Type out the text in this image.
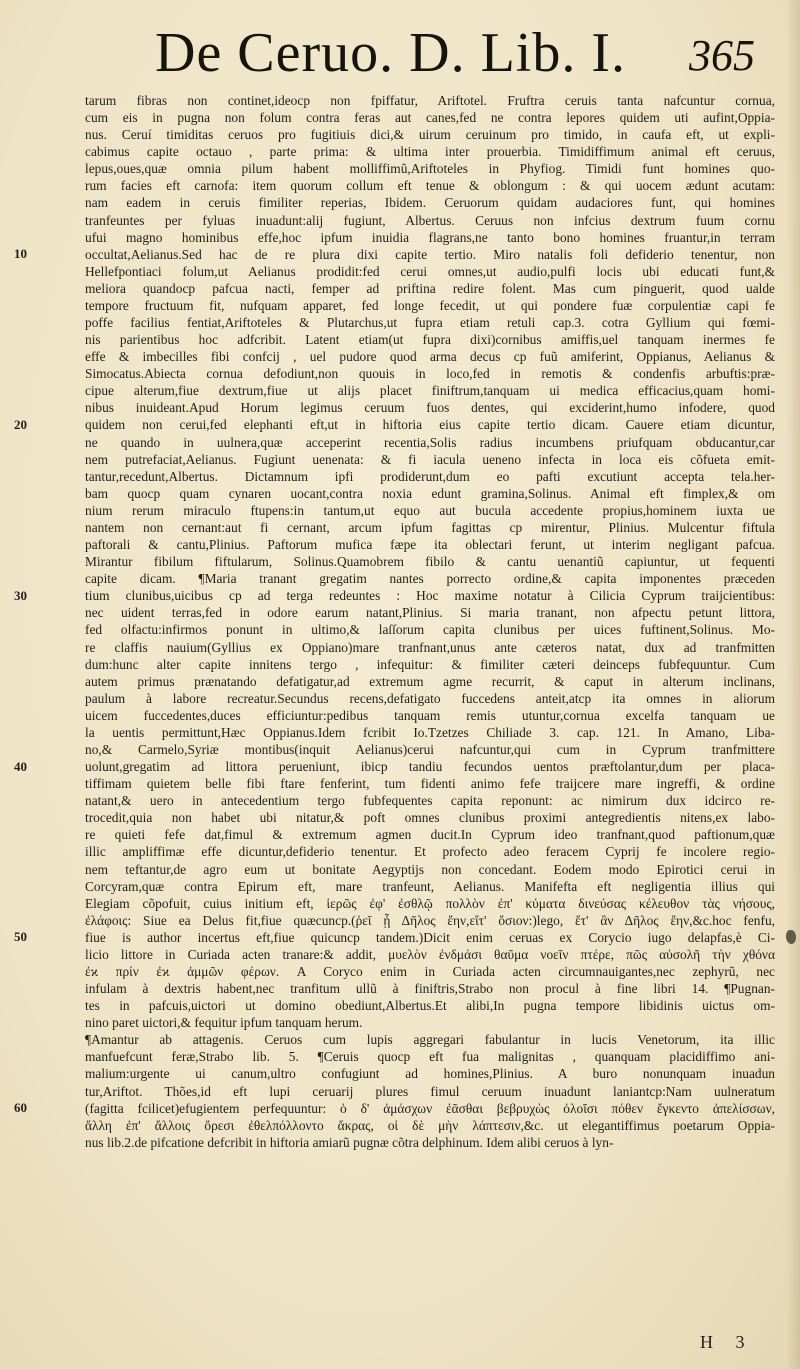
De Ceruo. D. Lib. I. 365
10
20
30
40
50
60
tarum fibras non continet,ideocp non fpiffatur, Ariftotel. Fruftra ceruis tanta nafcuntur cornua,
cum eis in pugna non folum contra feras aut canes,fed ne contra lepores quidem uti aufint,Oppia-
nus. Ceruí timiditas ceruos pro fugitiuis dici,& uirum ceruinum pro timido, in caufa eft, ut expli-
cabimus capite octauo , parte prima: & ultima inter prouerbia. Timidiffimum animal eft ceruus,
lepus,oues,quæ omnia pilum habent molliffimũ,Ariftoteles in Phyfiog. Timidi funt homines quo-
rum facies eft carnofa: item quorum collum eft tenue & oblongum : & qui uocem ædunt acutam:
nam eadem in ceruis fimiliter reperias, Ibidem. Ceruorum quidam audaciores funt, qui homines
tranfeuntes per fyluas inuadunt:alij fugiunt, Albertus. Ceruus non infcius dextrum fuum cornu
ufui magno hominibus effe,hoc ipfum inuidia flagrans,ne tanto bono homines fruantur,in terram
occultat,Aelianus.Sed hac de re plura dixi capite tertio. Miro natalis foli defiderio tenentur, non
Hellefpontiaci folum,ut Aelianus prodidit:fed cerui omnes,ut audio,pulfi locis ubi educati funt,&
meliora quandocp pafcua nacti, femper ad priftina redire folent. Mas cum pinguerit, quod ualde
tempore fructuum fit, nufquam apparet, fed longe fecedit, ut qui pondere fuæ corpulentiæ capi fe
poffe facilius fentiat,Ariftoteles & Plutarchus,ut fupra etiam retuli cap.3. cotra Gyllium qui fœmi-
nis parientibus hoc adfcribit. Latent etiam(ut fupra dixi)cornibus amiffis,uel tanquam inermes fe
effe & imbecilles fibi confcij , uel pudore quod arma decus cp fuũ amiferint, Oppianus, Aelianus &
Simocatus.Abiecta cornua defodiunt,non quouis in loco,fed in remotis & condenfis arbuftis:præ-
cipue alterum,fiue dextrum,fiue ut alijs placet finiftrum,tanquam ui medica efficacius,quam homi-
nibus inuideant.Apud Horum legimus ceruum fuos dentes, qui exciderint,humo infodere, quod
quidem non cerui,fed elephanti eft,ut in hiftoria eius capite tertio dicam. Cauere etiam dicuntur,
ne quando in uulnera,quæ acceperint recentia,Solis radius incumbens priufquam obducantur,car
nem putrefaciat,Aelianus. Fugiunt uenenata: & fi iacula ueneno infecta in loca eis cõfueta emit-
tantur,recedunt,Albertus. Dictamnum ipfi prodiderunt,dum eo pafti excutiunt accepta tela.her-
bam quocp quam cynaren uocant,contra noxia edunt gramina,Solinus. Animal eft fimplex,& om
nium rerum miraculo ftupens:in tantum,ut equo aut bucula accedente propius,hominem iuxta ue
nantem non cernant:aut fi cernant, arcum ipfum fagittas cp mirentur, Plinius. Mulcentur fiftula
paftorali & cantu,Plinius. Paftorum mufica fæpe ita oblectari ferunt, ut interim negligant pafcua.
Mirantur fibilum fiftularum, Solinus.Quamobrem fibilo & cantu uenantiũ capiuntur, ut fequenti
capite dicam. ¶Maria tranant gregatim nantes porrecto ordine,& capita imponentes præceden
tium clunibus,uicibus cp ad terga redeuntes : Hoc maxime notatur à Cilicia Cyprum traijcientibus:
nec uident terras,fed in odore earum natant,Plinius. Si maria tranant, non afpectu petunt littora,
fed olfactu:infirmos ponunt in ultimo,& laſſorum capita clunibus per uices fuftinent,Solinus. Mo-
re claffis nauium(Gyllius ex Oppiano)mare tranfnant,unus ante cæteros natat, dux ad tranfmitten
dum:hunc alter capite innitens tergo , infequitur: & fimiliter cæteri deinceps fubfequuntur. Cum
autem primus prænatando defatigatur,ad extremum agme recurrit, & caput in alterum inclinans,
paulum à labore recreatur.Secundus recens,defatigato fuccedens anteit,atcp ita omnes in aliorum
uicem fuccedentes,duces efficiuntur:pedibus tanquam remis utuntur,cornua excelfa tanquam ue
la uentis permittunt,Hæc Oppianus.Idem fcribit Io.Tzetzes Chiliade 3. cap. 121. In Amano, Liba-
no,& Carmelo,Syriæ montibus(inquit Aelianus)cerui nafcuntur,qui cum in Cyprum tranfmittere
uolunt,gregatim ad littora perueniunt, ibicp tandiu fecundos uentos præftolantur,dum per placa-
tiffimam quietem belle fibi ftare fenferint, tum fidenti animo fefe traijcere mare ingreffi, & ordine
natant,& uero in antecedentium tergo fubfequentes capita reponunt: ac nimirum dux idcirco re-
trocedit,quia non habet ubi nitatur,& poft omnes clunibus proximi antegredientis nitens,ex labo-
re quieti fefe dat,fimul & extremum agmen ducit.In Cyprum ideo tranfnant,quod paftionum,quæ
illic ampliffimæ effe dicuntur,defiderio tenentur. Et profecto adeo feracem Cyprij fe incolere regio-
nem teftantur,de agro eum ut bonitate Aegyptijs non concedant. Eodem modo Epirotici cerui in
Corcyram,quæ contra Epirum eft, mare tranfeunt, Aelianus. Manifefta eft negligentia illius qui
Elegiam cõpofuit, cuius initium eft, ἱερῶς ἐφ' ἐσθλῷ πολλὸν ἐπ' κύματα δινεύσας κέλευθον τὰς νήσους,
ἐλάφοις: Siue ea Delus fit,fiue quæcuncp.(ῥεῖ ᾗ Δῆλος ἔην,εἴτ' ὅσιον:)lego, ἔτ' ἂν Δῆλος ἔην,&c.hoc fenfu,
fiue is author incertus eft,fiue quicuncp tandem.)Dicit enim ceruas ex Corycio iugo delapfas,è Ci-
licio littore in Curiada acten tranare:& addit, μυελὸν ἐνδμάσι θαῦμα νοεῖν πτέρε, πῶς αὐσολῆ τὴν χθόνα
ἐϰ πρίν ἐϰ ἀμμῶν φέρων. A Coryco enim in Curiada acten circumnauigantes,nec zephyrũ, nec
infulam à dextris habent,nec tranfitum ullũ à finiftris,Strabo non procul à fine libri 14. ¶Pugnan-
tes in pafcuis,uictori ut domino obediunt,Albertus.Et alibi,In pugna tempore libidinis uictus om-
nino paret uictori,& fequitur ipfum tanquam herum.
¶Amantur ab attagenis. Ceruos cum lupis aggregari fabulantur in lucis Venetorum, ita illic
manfuefcunt feræ,Strabo lib. 5. ¶Ceruis quocp eft fua malignitas , quanquam placidiffimo ani-
malium:urgente ui canum,ultro confugiunt ad homines,Plinius. A buro nonunquam inuadun
tur,Ariftot. Thões,id eft lupi ceruarij plures fimul ceruum inuadunt laniantcp:Nam uulneratum
(fagitta fcilicet)efugientem perfequuntur: ὁ δ' ἀμάσχων ἐᾶσθαι βεβρυχὼς ὀλοῖσι πόθεν ἔγκεντο ἀπελίσσων,
ἄλλη ἐπ' ἄλλοις ὄρεσι ἐθελπόλλοντο ἄκρας, οἱ δὲ μὴν λάπτεσιν,&c. ut elegantiffimus poetarum Oppia-
nus lib.2.de pifcatione defcribit in hiftoria amiarũ pugnæ cõtra delphinum. Idem alibi ceruos à lyn-
H 3
